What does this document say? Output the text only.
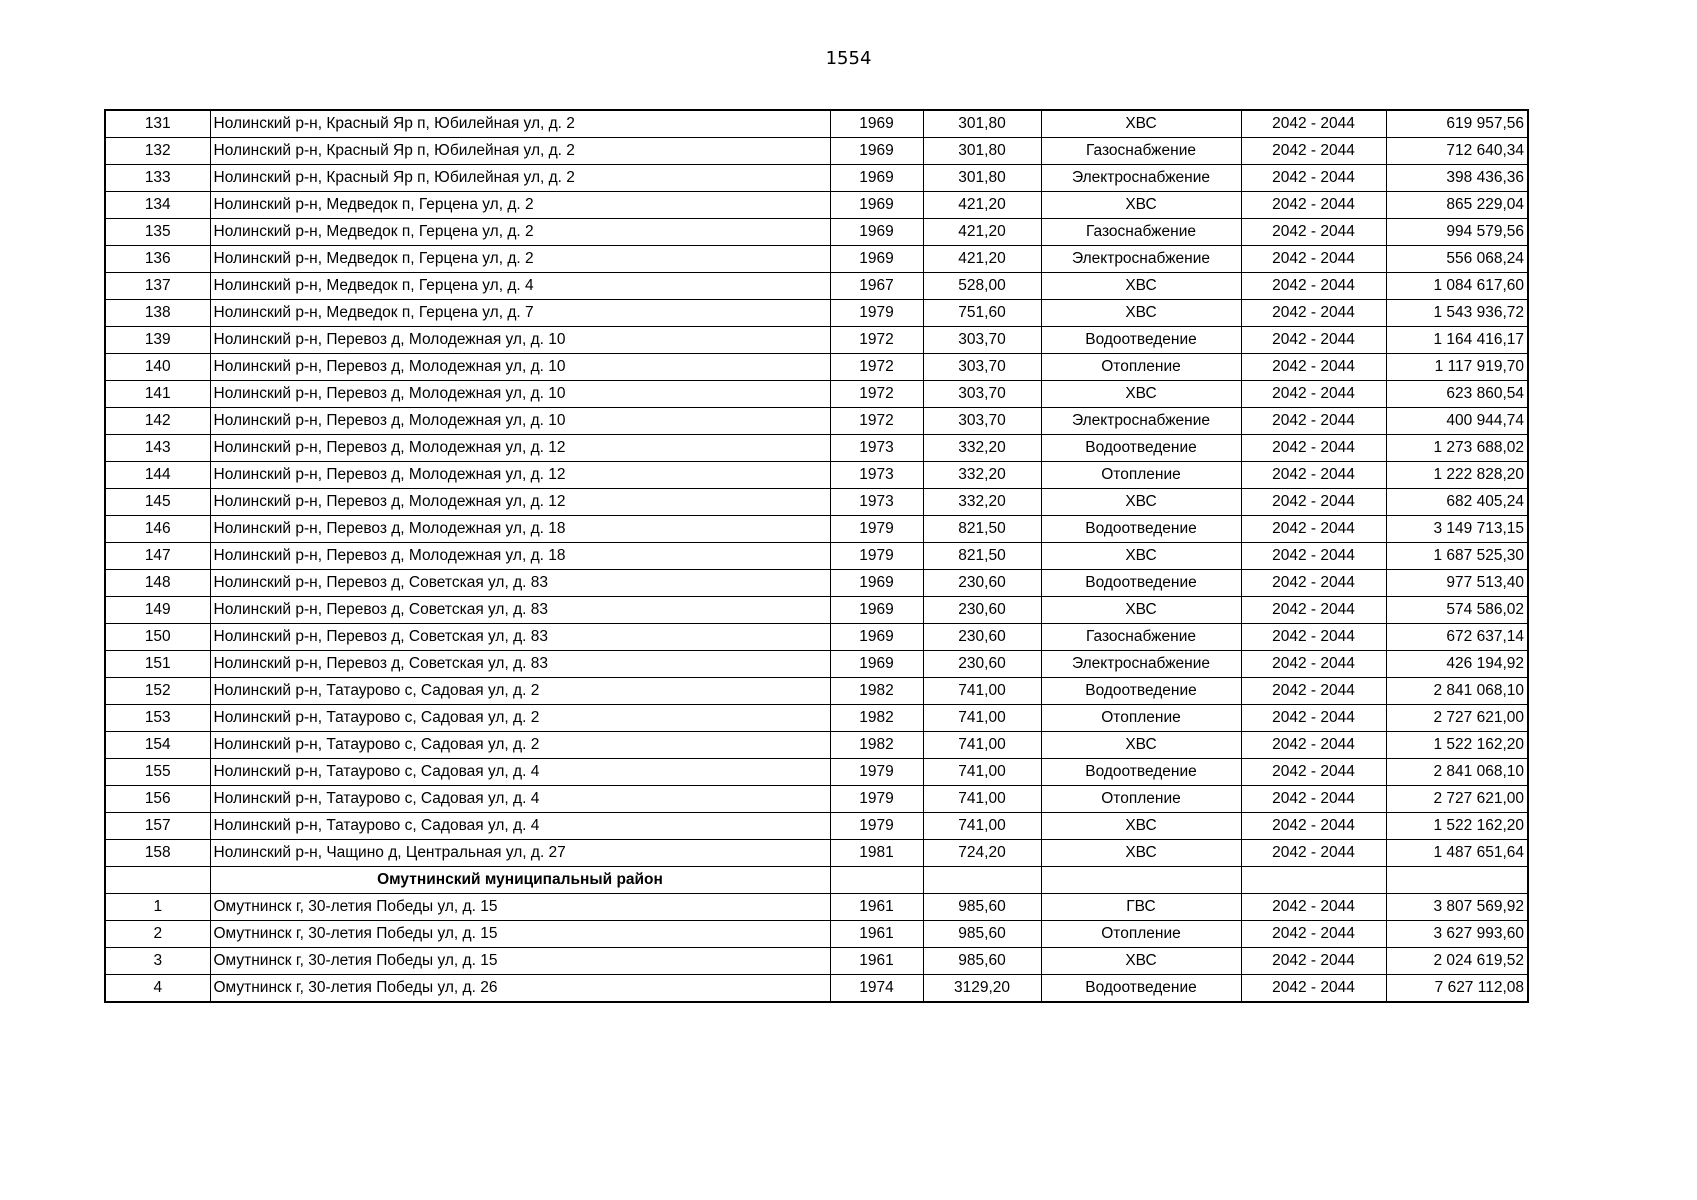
1554
131	Нолинский р-н, Красный Яр п, Юбилейная ул, д. 2	1969	301,80	ХВС	2042 - 2044	619 957,56
132	Нолинский р-н, Красный Яр п, Юбилейная ул, д. 2	1969	301,80	Газоснабжение	2042 - 2044	712 640,34
133	Нолинский р-н, Красный Яр п, Юбилейная ул, д. 2	1969	301,80	Электроснабжение	2042 - 2044	398 436,36
134	Нолинский р-н, Медведок п, Герцена ул, д. 2	1969	421,20	ХВС	2042 - 2044	865 229,04
135	Нолинский р-н, Медведок п, Герцена ул, д. 2	1969	421,20	Газоснабжение	2042 - 2044	994 579,56
136	Нолинский р-н, Медведок п, Герцена ул, д. 2	1969	421,20	Электроснабжение	2042 - 2044	556 068,24
137	Нолинский р-н, Медведок п, Герцена ул, д. 4	1967	528,00	ХВС	2042 - 2044	1 084 617,60
138	Нолинский р-н, Медведок п, Герцена ул, д. 7	1979	751,60	ХВС	2042 - 2044	1 543 936,72
139	Нолинский р-н, Перевоз д, Молодежная ул, д. 10	1972	303,70	Водоотведение	2042 - 2044	1 164 416,17
140	Нолинский р-н, Перевоз д, Молодежная ул, д. 10	1972	303,70	Отопление	2042 - 2044	1 117 919,70
141	Нолинский р-н, Перевоз д, Молодежная ул, д. 10	1972	303,70	ХВС	2042 - 2044	623 860,54
142	Нолинский р-н, Перевоз д, Молодежная ул, д. 10	1972	303,70	Электроснабжение	2042 - 2044	400 944,74
143	Нолинский р-н, Перевоз д, Молодежная ул, д. 12	1973	332,20	Водоотведение	2042 - 2044	1 273 688,02
144	Нолинский р-н, Перевоз д, Молодежная ул, д. 12	1973	332,20	Отопление	2042 - 2044	1 222 828,20
145	Нолинский р-н, Перевоз д, Молодежная ул, д. 12	1973	332,20	ХВС	2042 - 2044	682 405,24
146	Нолинский р-н, Перевоз д, Молодежная ул, д. 18	1979	821,50	Водоотведение	2042 - 2044	3 149 713,15
147	Нолинский р-н, Перевоз д, Молодежная ул, д. 18	1979	821,50	ХВС	2042 - 2044	1 687 525,30
148	Нолинский р-н, Перевоз д, Советская ул, д. 83	1969	230,60	Водоотведение	2042 - 2044	977 513,40
149	Нолинский р-н, Перевоз д, Советская ул, д. 83	1969	230,60	ХВС	2042 - 2044	574 586,02
150	Нолинский р-н, Перевоз д, Советская ул, д. 83	1969	230,60	Газоснабжение	2042 - 2044	672 637,14
151	Нолинский р-н, Перевоз д, Советская ул, д. 83	1969	230,60	Электроснабжение	2042 - 2044	426 194,92
152	Нолинский р-н, Татаурово с, Садовая ул, д. 2	1982	741,00	Водоотведение	2042 - 2044	2 841 068,10
153	Нолинский р-н, Татаурово с, Садовая ул, д. 2	1982	741,00	Отопление	2042 - 2044	2 727 621,00
154	Нолинский р-н, Татаурово с, Садовая ул, д. 2	1982	741,00	ХВС	2042 - 2044	1 522 162,20
155	Нолинский р-н, Татаурово с, Садовая ул, д. 4	1979	741,00	Водоотведение	2042 - 2044	2 841 068,10
156	Нолинский р-н, Татаурово с, Садовая ул, д. 4	1979	741,00	Отопление	2042 - 2044	2 727 621,00
157	Нолинский р-н, Татаурово с, Садовая ул, д. 4	1979	741,00	ХВС	2042 - 2044	1 522 162,20
158	Нолинский р-н, Чащино д, Центральная ул, д. 27	1981	724,20	ХВС	2042 - 2044	1 487 651,64
	Омутнинский муниципальный район					
1	Омутнинск г, 30-летия Победы ул, д. 15	1961	985,60	ГВС	2042 - 2044	3 807 569,92
2	Омутнинск г, 30-летия Победы ул, д. 15	1961	985,60	Отопление	2042 - 2044	3 627 993,60
3	Омутнинск г, 30-летия Победы ул, д. 15	1961	985,60	ХВС	2042 - 2044	2 024 619,52
4	Омутнинск г, 30-летия Победы ул, д. 26	1974	3129,20	Водоотведение	2042 - 2044	7 627 112,08
